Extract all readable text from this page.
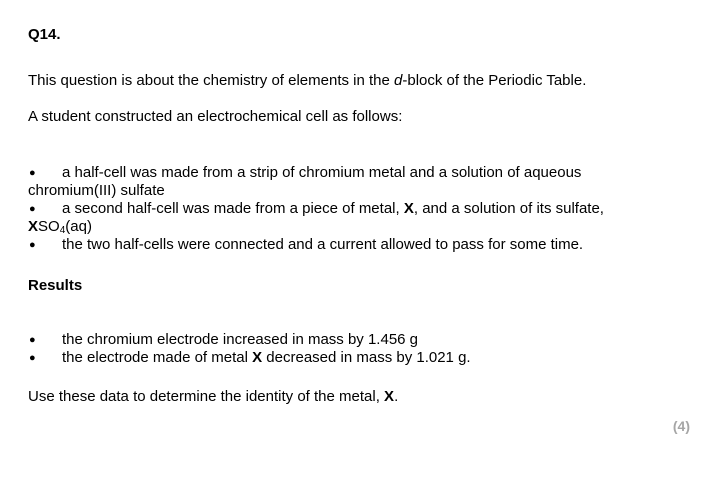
Q14.
This question is about the chemistry of elements in the d-block of the Periodic Table.
A student constructed an electrochemical cell as follows:
● a half-cell was made from a strip of chromium metal and a solution of aqueous
chromium(III) sulfate
● a second half-cell was made from a piece of metal, X, and a solution of its sulfate,
$XSO_4(aq)$
● the two half-cells were connected and a current allowed to pass for some time.
Results
● the chromium electrode increased in mass by 1.456 g
● the electrode made of metal X decreased in mass by 1.021 g.
Use these data to determine the identity of the metal, X.
(4)
